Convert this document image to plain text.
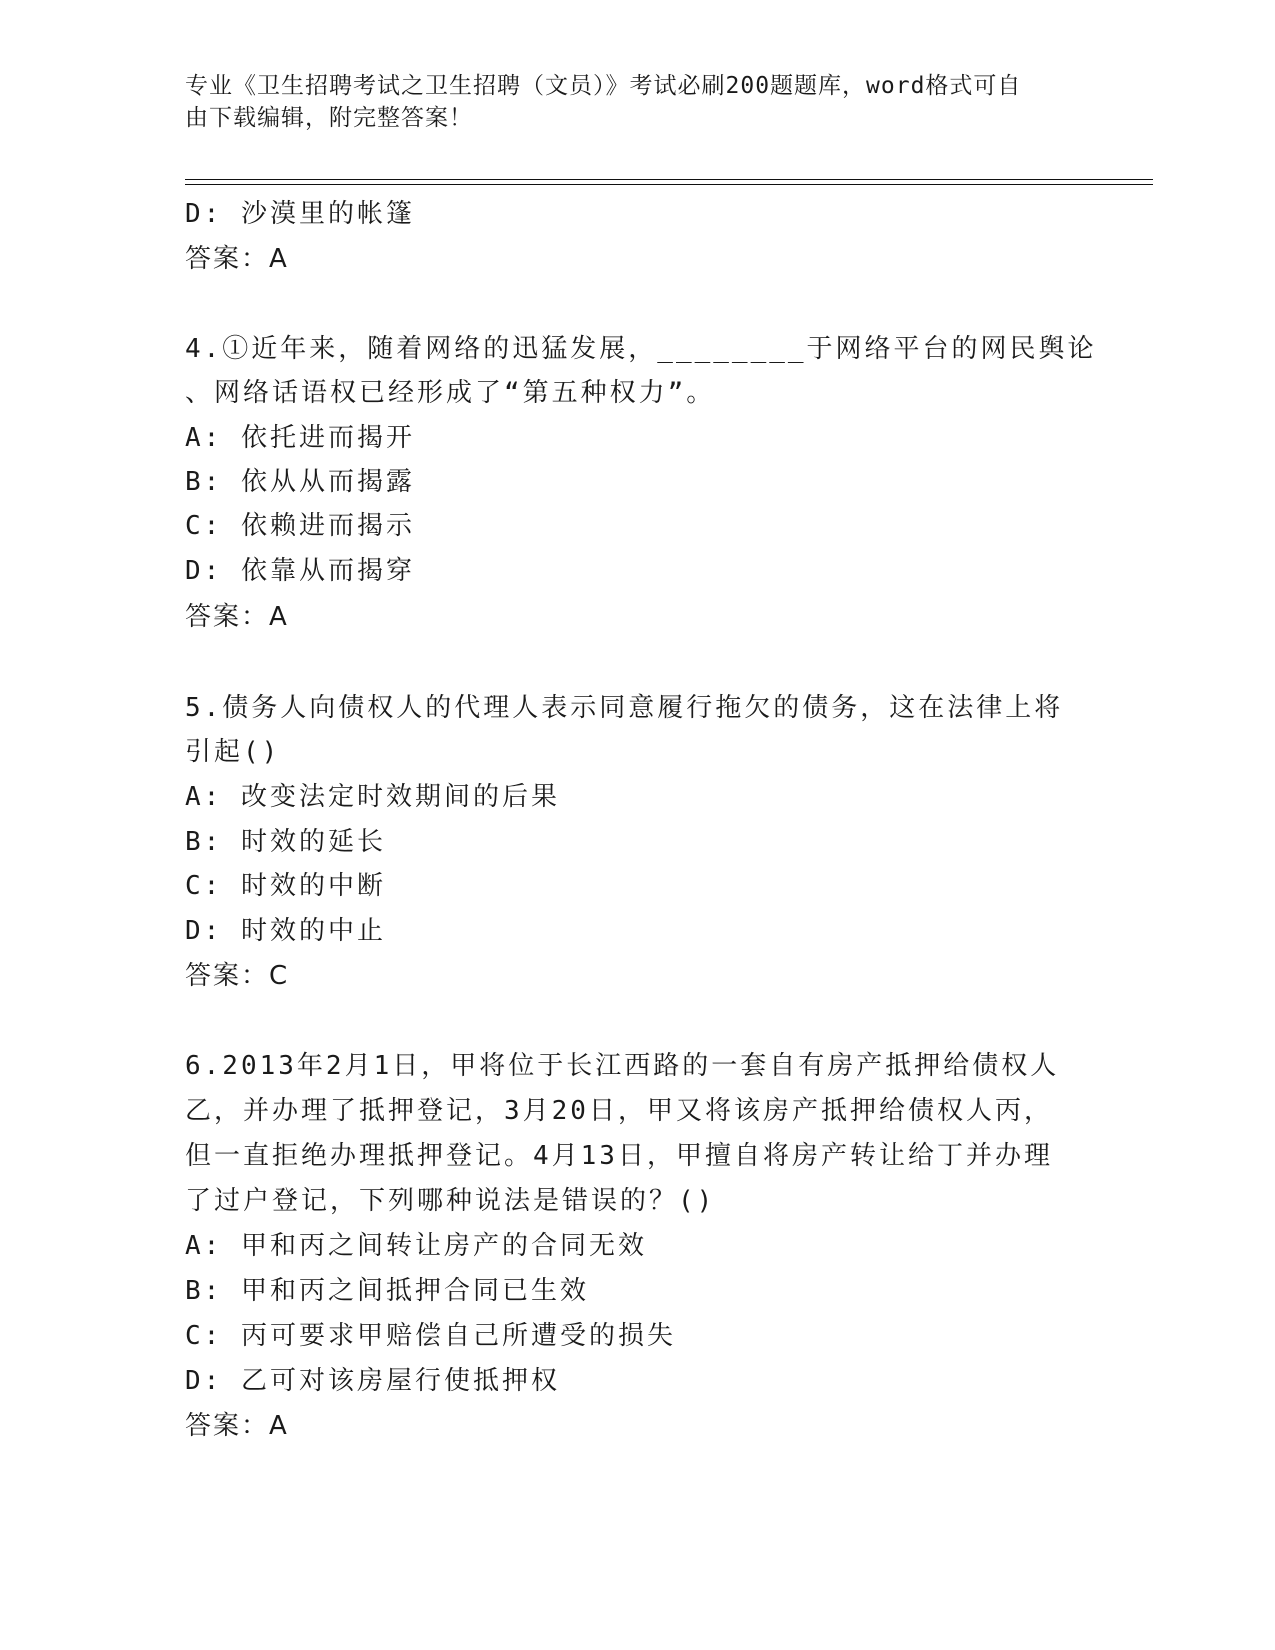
专业《卫生招聘考试之卫生招聘（文员）》考试必刷200题题库，word格式可自
由下载编辑，附完整答案！
D: 沙漠里的帐篷
答案：A
4.①近年来，随着网络的迅猛发展，________于网络平台的网民舆论
、网络话语权已经形成了“第五种权力”。
A: 依托进而揭开
B: 依从从而揭露
C: 依赖进而揭示
D: 依靠从而揭穿
答案：A
5.债务人向债权人的代理人表示同意履行拖欠的债务，这在法律上将
引起()
A: 改变法定时效期间的后果
B: 时效的延长
C: 时效的中断
D: 时效的中止
答案：C
6.2013年2月1日，甲将位于长江西路的一套自有房产抵押给债权人
乙，并办理了抵押登记，3月20日，甲又将该房产抵押给债权人丙，
但一直拒绝办理抵押登记。4月13日，甲擅自将房产转让给丁并办理
了过户登记，下列哪种说法是错误的？()
A: 甲和丙之间转让房产的合同无效
B: 甲和丙之间抵押合同已生效
C: 丙可要求甲赔偿自己所遭受的损失
D: 乙可对该房屋行使抵押权
答案：A
